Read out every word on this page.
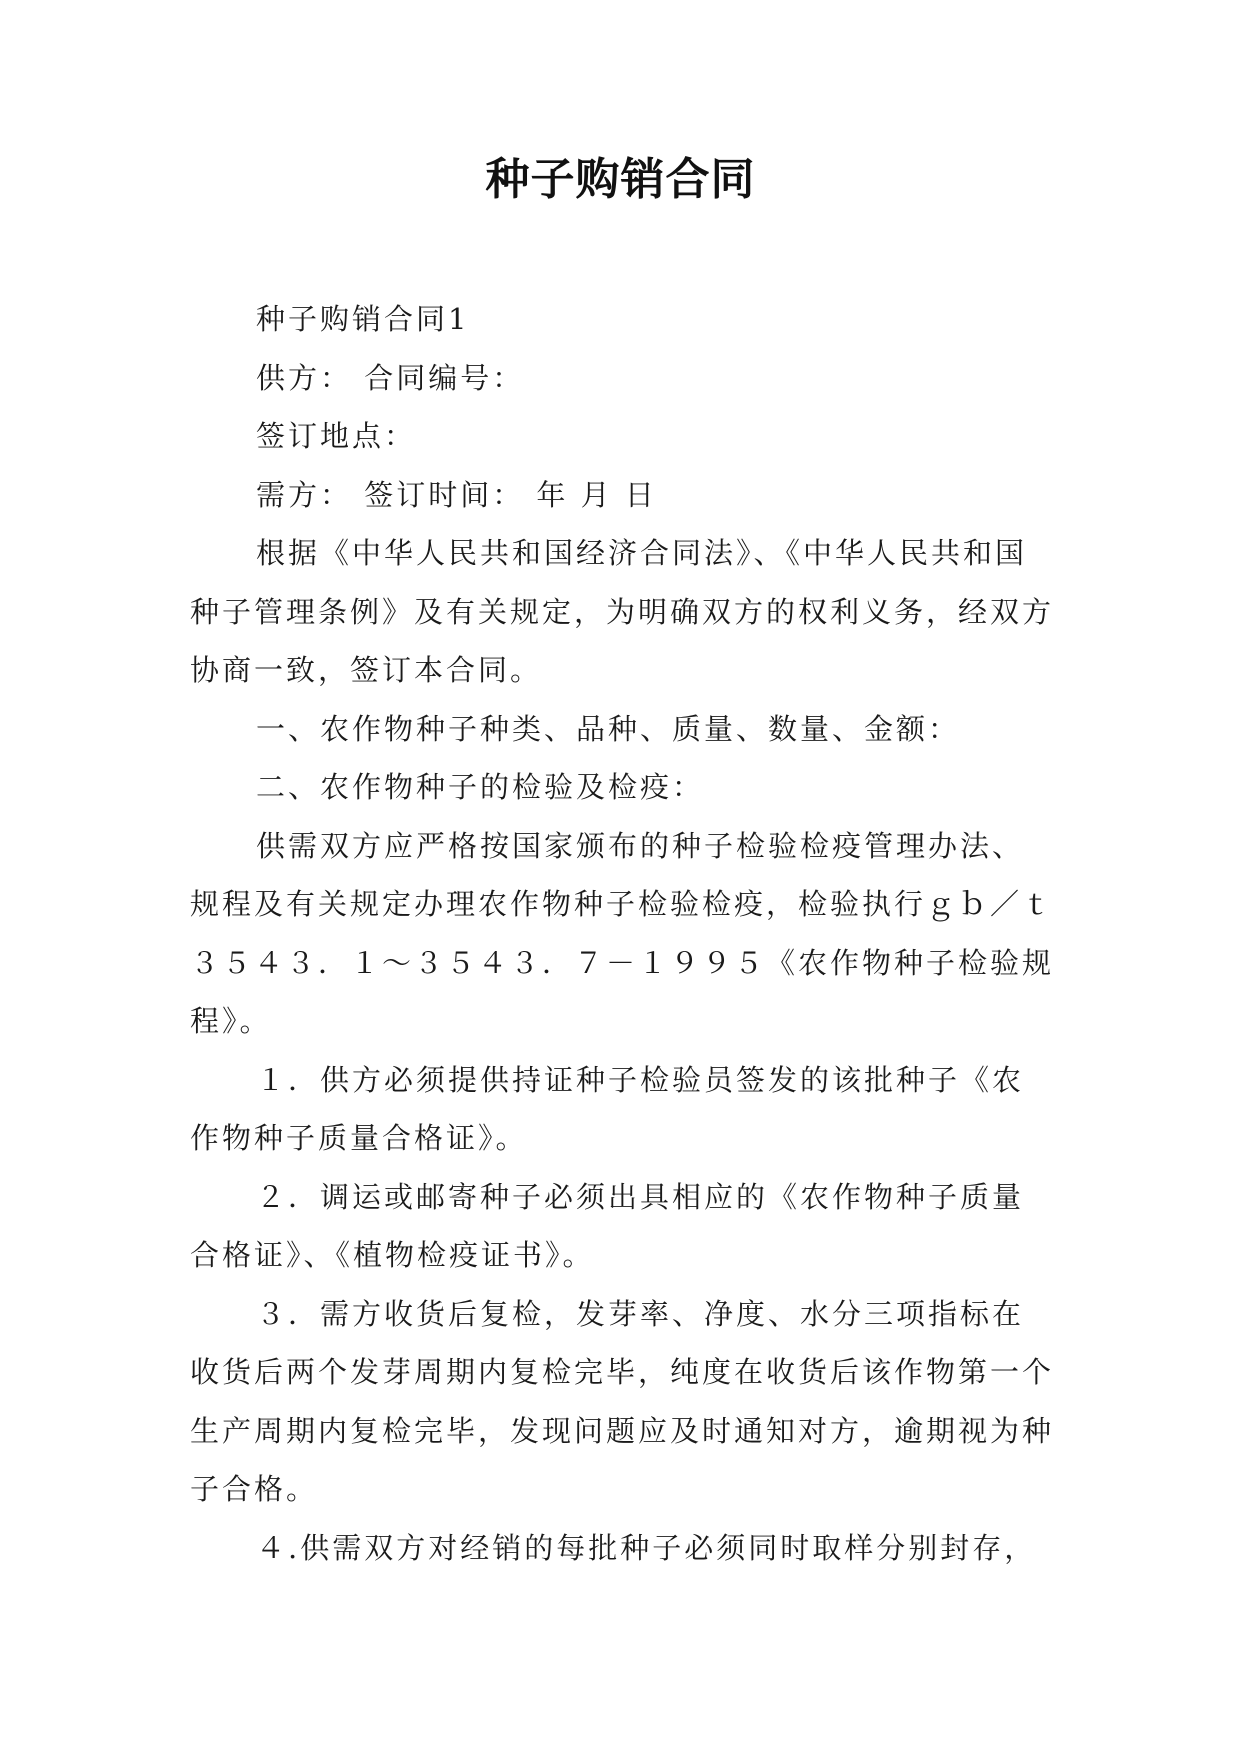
种子购销合同

种子购销合同1

供方： 合同编号：

签订地点：

需方： 签订时间： 年 月 日

根据《中华人民共和国经济合同法》、《中华人民共和国种子管理条例》及有关规定，为明确双方的权利义务，经双方协商一致，签订本合同。

一、农作物种子种类、品种、质量、数量、金额：

二、农作物种子的检验及检疫：

供需双方应严格按国家颁布的种子检验检疫管理办法、规程及有关规定办理农作物种子检验检疫，检验执行ｇｂ／ｔ３５４３．１～３５４３．７－１９９５《农作物种子检验规程》。

１．供方必须提供持证种子检验员签发的该批种子《农作物种子质量合格证》。

２．调运或邮寄种子必须出具相应的《农作物种子质量合格证》、《植物检疫证书》。

３．需方收货后复检，发芽率、净度、水分三项指标在收货后两个发芽周期内复检完毕，纯度在收货后该作物第一个生产周期内复检完毕，发现问题应及时通知对方，逾期视为种子合格。

４.供需双方对经销的每批种子必须同时取样分别封存，
